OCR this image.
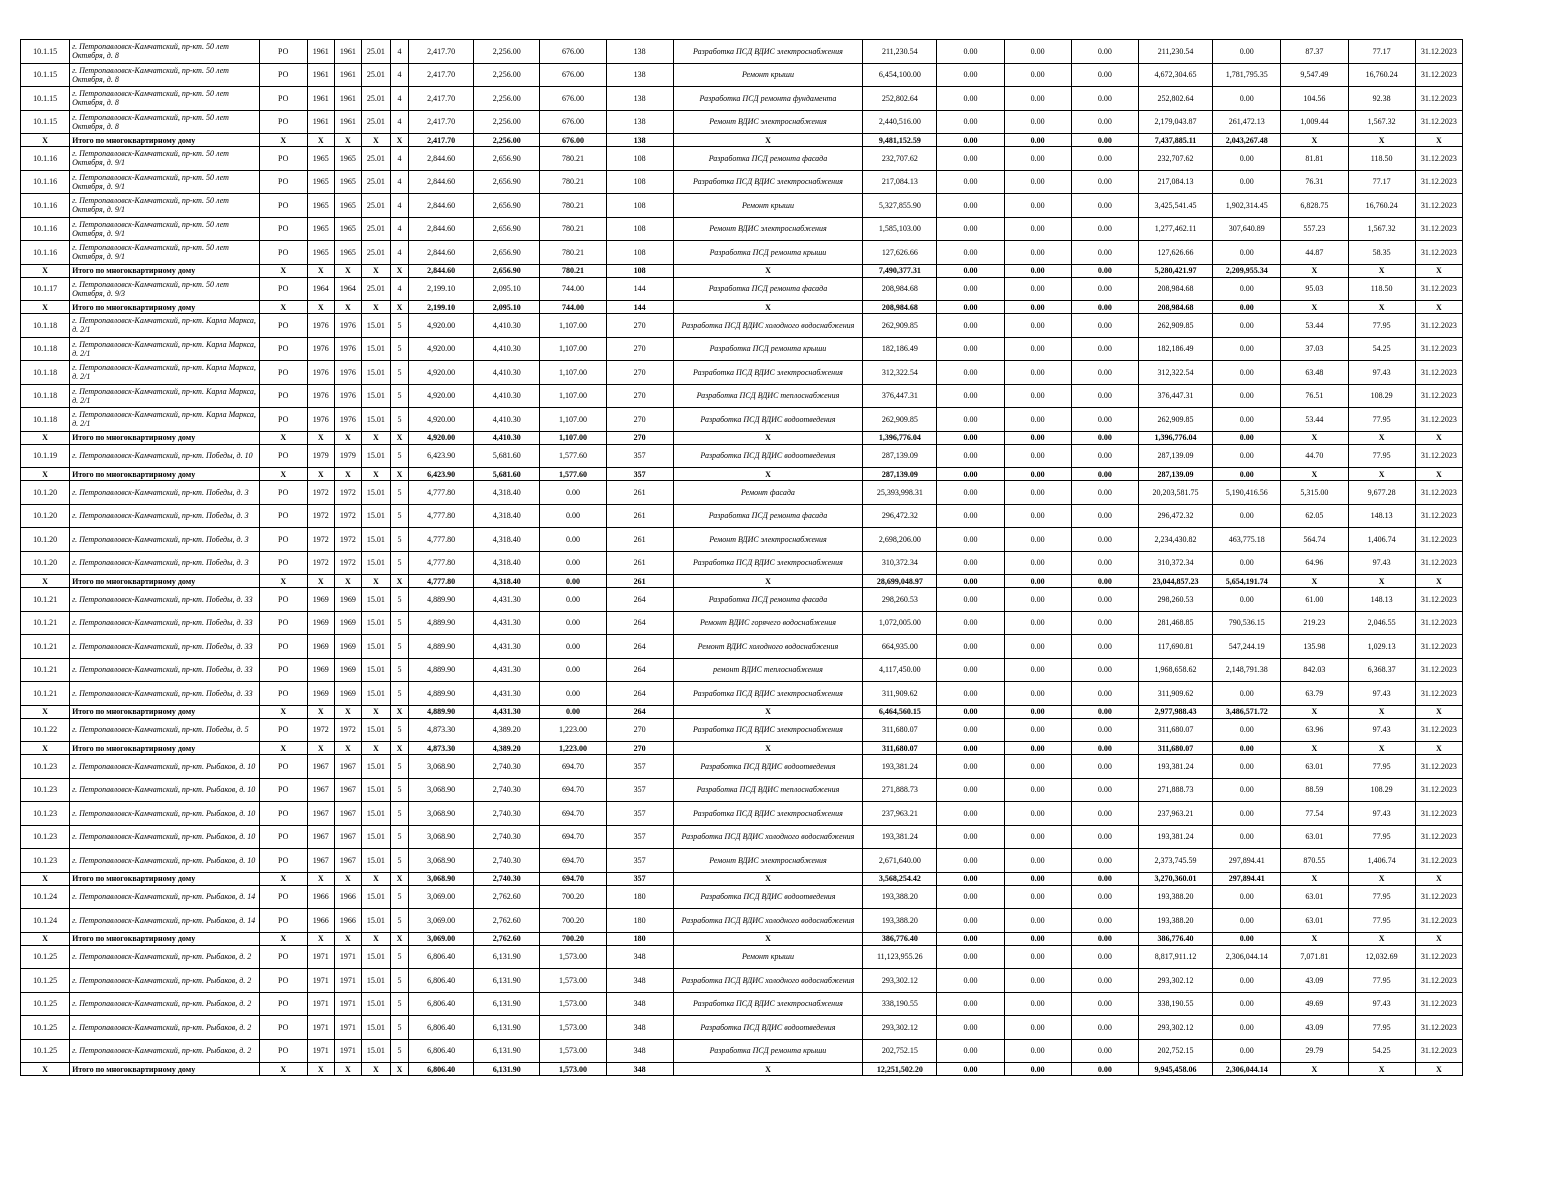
10.1.15	г. Петропавловск-Камчатский, пр-кт. 50 лет Октября, д. 8	РО	1961	1961	25.01	4	2,417.70	2,256.00	676.00	138	Разработка ПСД ВДИС электроснабжения	211,230.54	0.00	0.00	0.00	211,230.54	0.00	87.37	77.17	31.12.2023
10.1.15	г. Петропавловск-Камчатский, пр-кт. 50 лет Октября, д. 8	РО	1961	1961	25.01	4	2,417.70	2,256.00	676.00	138	Ремонт крыши	6,454,100.00	0.00	0.00	0.00	4,672,304.65	1,781,795.35	9,547.49	16,760.24	31.12.2023
10.1.15	г. Петропавловск-Камчатский, пр-кт. 50 лет Октября, д. 8	РО	1961	1961	25.01	4	2,417.70	2,256.00	676.00	138	Разработка ПСД ремонта фундамента	252,802.64	0.00	0.00	0.00	252,802.64	0.00	104.56	92.38	31.12.2023
10.1.15	г. Петропавловск-Камчатский, пр-кт. 50 лет Октября, д. 8	РО	1961	1961	25.01	4	2,417.70	2,256.00	676.00	138	Ремонт ВДИС электроснабжения	2,440,516.00	0.00	0.00	0.00	2,179,043.87	261,472.13	1,009.44	1,567.32	31.12.2023
X	Итого по многоквартирному дому	X	X	X	X	X	2,417.70	2,256.00	676.00	138	X	9,481,152.59	0.00	0.00	0.00	7,437,885.11	2,043,267.48	X	X	X
10.1.16	г. Петропавловск-Камчатский, пр-кт. 50 лет Октября, д. 9/1	РО	1965	1965	25.01	4	2,844.60	2,656.90	780.21	108	Разработка ПСД ремонта фасада	232,707.62	0.00	0.00	0.00	232,707.62	0.00	81.81	118.50	31.12.2023
10.1.16	г. Петропавловск-Камчатский, пр-кт. 50 лет Октября, д. 9/1	РО	1965	1965	25.01	4	2,844.60	2,656.90	780.21	108	Разработка ПСД ВДИС электроснабжения	217,084.13	0.00	0.00	0.00	217,084.13	0.00	76.31	77.17	31.12.2023
10.1.16	г. Петропавловск-Камчатский, пр-кт. 50 лет Октября, д. 9/1	РО	1965	1965	25.01	4	2,844.60	2,656.90	780.21	108	Ремонт крыши	5,327,855.90	0.00	0.00	0.00	3,425,541.45	1,902,314.45	6,828.75	16,760.24	31.12.2023
10.1.16	г. Петропавловск-Камчатский, пр-кт. 50 лет Октября, д. 9/1	РО	1965	1965	25.01	4	2,844.60	2,656.90	780.21	108	Ремонт ВДИС электроснабжения	1,585,103.00	0.00	0.00	0.00	1,277,462.11	307,640.89	557.23	1,567.32	31.12.2023
10.1.16	г. Петропавловск-Камчатский, пр-кт. 50 лет Октября, д. 9/1	РО	1965	1965	25.01	4	2,844.60	2,656.90	780.21	108	Разработка ПСД ремонта крыши	127,626.66	0.00	0.00	0.00	127,626.66	0.00	44.87	58.35	31.12.2023
X	Итого по многоквартирному дому	X	X	X	X	X	2,844.60	2,656.90	780.21	108	X	7,490,377.31	0.00	0.00	0.00	5,280,421.97	2,209,955.34	X	X	X
10.1.17	г. Петропавловск-Камчатский, пр-кт. 50 лет Октября, д. 9/3	РО	1964	1964	25.01	4	2,199.10	2,095.10	744.00	144	Разработка ПСД ремонта фасада	208,984.68	0.00	0.00	0.00	208,984.68	0.00	95.03	118.50	31.12.2023
X	Итого по многоквартирному дому	X	X	X	X	X	2,199.10	2,095.10	744.00	144	X	208,984.68	0.00	0.00	0.00	208,984.68	0.00	X	X	X
10.1.18	г. Петропавловск-Камчатский, пр-кт. Карла Маркса, д. 2/1	РО	1976	1976	15.01	5	4,920.00	4,410.30	1,107.00	270	Разработка ПСД ВДИС холодного водоснабжения	262,909.85	0.00	0.00	0.00	262,909.85	0.00	53.44	77.95	31.12.2023
10.1.18	г. Петропавловск-Камчатский, пр-кт. Карла Маркса, д. 2/1	РО	1976	1976	15.01	5	4,920.00	4,410.30	1,107.00	270	Разработка ПСД ремонта крыши	182,186.49	0.00	0.00	0.00	182,186.49	0.00	37.03	54.25	31.12.2023
10.1.18	г. Петропавловск-Камчатский, пр-кт. Карла Маркса, д. 2/1	РО	1976	1976	15.01	5	4,920.00	4,410.30	1,107.00	270	Разработка ПСД ВДИС электроснабжения	312,322.54	0.00	0.00	0.00	312,322.54	0.00	63.48	97.43	31.12.2023
10.1.18	г. Петропавловск-Камчатский, пр-кт. Карла Маркса, д. 2/1	РО	1976	1976	15.01	5	4,920.00	4,410.30	1,107.00	270	Разработка ПСД ВДИС теплоснабжения	376,447.31	0.00	0.00	0.00	376,447.31	0.00	76.51	108.29	31.12.2023
10.1.18	г. Петропавловск-Камчатский, пр-кт. Карла Маркса, д. 2/1	РО	1976	1976	15.01	5	4,920.00	4,410.30	1,107.00	270	Разработка ПСД ВДИС водоотведения	262,909.85	0.00	0.00	0.00	262,909.85	0.00	53.44	77.95	31.12.2023
X	Итого по многоквартирному дому	X	X	X	X	X	4,920.00	4,410.30	1,107.00	270	X	1,396,776.04	0.00	0.00	0.00	1,396,776.04	0.00	X	X	X
10.1.19	г. Петропавловск-Камчатский, пр-кт. Победы, д. 10	РО	1979	1979	15.01	5	6,423.90	5,681.60	1,577.60	357	Разработка ПСД ВДИС водоотведения	287,139.09	0.00	0.00	0.00	287,139.09	0.00	44.70	77.95	31.12.2023
X	Итого по многоквартирному дому	X	X	X	X	X	6,423.90	5,681.60	1,577.60	357	X	287,139.09	0.00	0.00	0.00	287,139.09	0.00	X	X	X
10.1.20	г. Петропавловск-Камчатский, пр-кт. Победы, д. 3	РО	1972	1972	15.01	5	4,777.80	4,318.40	0.00	261	Ремонт фасада	25,393,998.31	0.00	0.00	0.00	20,203,581.75	5,190,416.56	5,315.00	9,677.28	31.12.2023
10.1.20	г. Петропавловск-Камчатский, пр-кт. Победы, д. 3	РО	1972	1972	15.01	5	4,777.80	4,318.40	0.00	261	Разработка ПСД ремонта фасада	296,472.32	0.00	0.00	0.00	296,472.32	0.00	62.05	148.13	31.12.2023
10.1.20	г. Петропавловск-Камчатский, пр-кт. Победы, д. 3	РО	1972	1972	15.01	5	4,777.80	4,318.40	0.00	261	Ремонт ВДИС электроснабжения	2,698,206.00	0.00	0.00	0.00	2,234,430.82	463,775.18	564.74	1,406.74	31.12.2023
10.1.20	г. Петропавловск-Камчатский, пр-кт. Победы, д. 3	РО	1972	1972	15.01	5	4,777.80	4,318.40	0.00	261	Разработка ПСД ВДИС электроснабжения	310,372.34	0.00	0.00	0.00	310,372.34	0.00	64.96	97.43	31.12.2023
X	Итого по многоквартирному дому	X	X	X	X	X	4,777.80	4,318.40	0.00	261	X	28,699,048.97	0.00	0.00	0.00	23,044,857.23	5,654,191.74	X	X	X
10.1.21	г. Петропавловск-Камчатский, пр-кт. Победы, д. 33	РО	1969	1969	15.01	5	4,889.90	4,431.30	0.00	264	Разработка ПСД ремонта фасада	298,260.53	0.00	0.00	0.00	298,260.53	0.00	61.00	148.13	31.12.2023
10.1.21	г. Петропавловск-Камчатский, пр-кт. Победы, д. 33	РО	1969	1969	15.01	5	4,889.90	4,431.30	0.00	264	Ремонт ВДИС горячего водоснабжения	1,072,005.00	0.00	0.00	0.00	281,468.85	790,536.15	219.23	2,046.55	31.12.2023
10.1.21	г. Петропавловск-Камчатский, пр-кт. Победы, д. 33	РО	1969	1969	15.01	5	4,889.90	4,431.30	0.00	264	Ремонт ВДИС холодного водоснабжения	664,935.00	0.00	0.00	0.00	117,690.81	547,244.19	135.98	1,029.13	31.12.2023
10.1.21	г. Петропавловск-Камчатский, пр-кт. Победы, д. 33	РО	1969	1969	15.01	5	4,889.90	4,431.30	0.00	264	ремонт ВДИС теплоснабжения	4,117,450.00	0.00	0.00	0.00	1,968,658.62	2,148,791.38	842.03	6,368.37	31.12.2023
10.1.21	г. Петропавловск-Камчатский, пр-кт. Победы, д. 33	РО	1969	1969	15.01	5	4,889.90	4,431.30	0.00	264	Разработка ПСД ВДИС электроснабжения	311,909.62	0.00	0.00	0.00	311,909.62	0.00	63.79	97.43	31.12.2023
X	Итого по многоквартирному дому	X	X	X	X	X	4,889.90	4,431.30	0.00	264	X	6,464,560.15	0.00	0.00	0.00	2,977,988.43	3,486,571.72	X	X	X
10.1.22	г. Петропавловск-Камчатский, пр-кт. Победы, д. 5	РО	1972	1972	15.01	5	4,873.30	4,389.20	1,223.00	270	Разработка ПСД ВДИС электроснабжения	311,680.07	0.00	0.00	0.00	311,680.07	0.00	63.96	97.43	31.12.2023
X	Итого по многоквартирному дому	X	X	X	X	X	4,873.30	4,389.20	1,223.00	270	X	311,680.07	0.00	0.00	0.00	311,680.07	0.00	X	X	X
10.1.23	г. Петропавловск-Камчатский, пр-кт. Рыбаков, д. 10	РО	1967	1967	15.01	5	3,068.90	2,740.30	694.70	357	Разработка ПСД ВДИС водоотведения	193,381.24	0.00	0.00	0.00	193,381.24	0.00	63.01	77.95	31.12.2023
10.1.23	г. Петропавловск-Камчатский, пр-кт. Рыбаков, д. 10	РО	1967	1967	15.01	5	3,068.90	2,740.30	694.70	357	Разработка ПСД ВДИС теплоснабжения	271,888.73	0.00	0.00	0.00	271,888.73	0.00	88.59	108.29	31.12.2023
10.1.23	г. Петропавловск-Камчатский, пр-кт. Рыбаков, д. 10	РО	1967	1967	15.01	5	3,068.90	2,740.30	694.70	357	Разработка ПСД ВДИС электроснабжения	237,963.21	0.00	0.00	0.00	237,963.21	0.00	77.54	97.43	31.12.2023
10.1.23	г. Петропавловск-Камчатский, пр-кт. Рыбаков, д. 10	РО	1967	1967	15.01	5	3,068.90	2,740.30	694.70	357	Разработка ПСД ВДИС холодного водоснабжения	193,381.24	0.00	0.00	0.00	193,381.24	0.00	63.01	77.95	31.12.2023
10.1.23	г. Петропавловск-Камчатский, пр-кт. Рыбаков, д. 10	РО	1967	1967	15.01	5	3,068.90	2,740.30	694.70	357	Ремонт ВДИС электроснабжения	2,671,640.00	0.00	0.00	0.00	2,373,745.59	297,894.41	870.55	1,406.74	31.12.2023
X	Итого по многоквартирному дому	X	X	X	X	X	3,068.90	2,740.30	694.70	357	X	3,568,254.42	0.00	0.00	0.00	3,270,360.01	297,894.41	X	X	X
10.1.24	г. Петропавловск-Камчатский, пр-кт. Рыбаков, д. 14	РО	1966	1966	15.01	5	3,069.00	2,762.60	700.20	180	Разработка ПСД ВДИС водоотведения	193,388.20	0.00	0.00	0.00	193,388.20	0.00	63.01	77.95	31.12.2023
10.1.24	г. Петропавловск-Камчатский, пр-кт. Рыбаков, д. 14	РО	1966	1966	15.01	5	3,069.00	2,762.60	700.20	180	Разработка ПСД ВДИС холодного водоснабжения	193,388.20	0.00	0.00	0.00	193,388.20	0.00	63.01	77.95	31.12.2023
X	Итого по многоквартирному дому	X	X	X	X	X	3,069.00	2,762.60	700.20	180	X	386,776.40	0.00	0.00	0.00	386,776.40	0.00	X	X	X
10.1.25	г. Петропавловск-Камчатский, пр-кт. Рыбаков, д. 2	РО	1971	1971	15.01	5	6,806.40	6,131.90	1,573.00	348	Ремонт крыши	11,123,955.26	0.00	0.00	0.00	8,817,911.12	2,306,044.14	7,071.81	12,032.69	31.12.2023
10.1.25	г. Петропавловск-Камчатский, пр-кт. Рыбаков, д. 2	РО	1971	1971	15.01	5	6,806.40	6,131.90	1,573.00	348	Разработка ПСД ВДИС холодного водоснабжения	293,302.12	0.00	0.00	0.00	293,302.12	0.00	43.09	77.95	31.12.2023
10.1.25	г. Петропавловск-Камчатский, пр-кт. Рыбаков, д. 2	РО	1971	1971	15.01	5	6,806.40	6,131.90	1,573.00	348	Разработка ПСД ВДИС электроснабжения	338,190.55	0.00	0.00	0.00	338,190.55	0.00	49.69	97.43	31.12.2023
10.1.25	г. Петропавловск-Камчатский, пр-кт. Рыбаков, д. 2	РО	1971	1971	15.01	5	6,806.40	6,131.90	1,573.00	348	Разработка ПСД ВДИС водоотведения	293,302.12	0.00	0.00	0.00	293,302.12	0.00	43.09	77.95	31.12.2023
10.1.25	г. Петропавловск-Камчатский, пр-кт. Рыбаков, д. 2	РО	1971	1971	15.01	5	6,806.40	6,131.90	1,573.00	348	Разработка ПСД ремонта крыши	202,752.15	0.00	0.00	0.00	202,752.15	0.00	29.79	54.25	31.12.2023
X	Итого по многоквартирному дому	X	X	X	X	X	6,806.40	6,131.90	1,573.00	348	X	12,251,502.20	0.00	0.00	0.00	9,945,458.06	2,306,044.14	X	X	X
